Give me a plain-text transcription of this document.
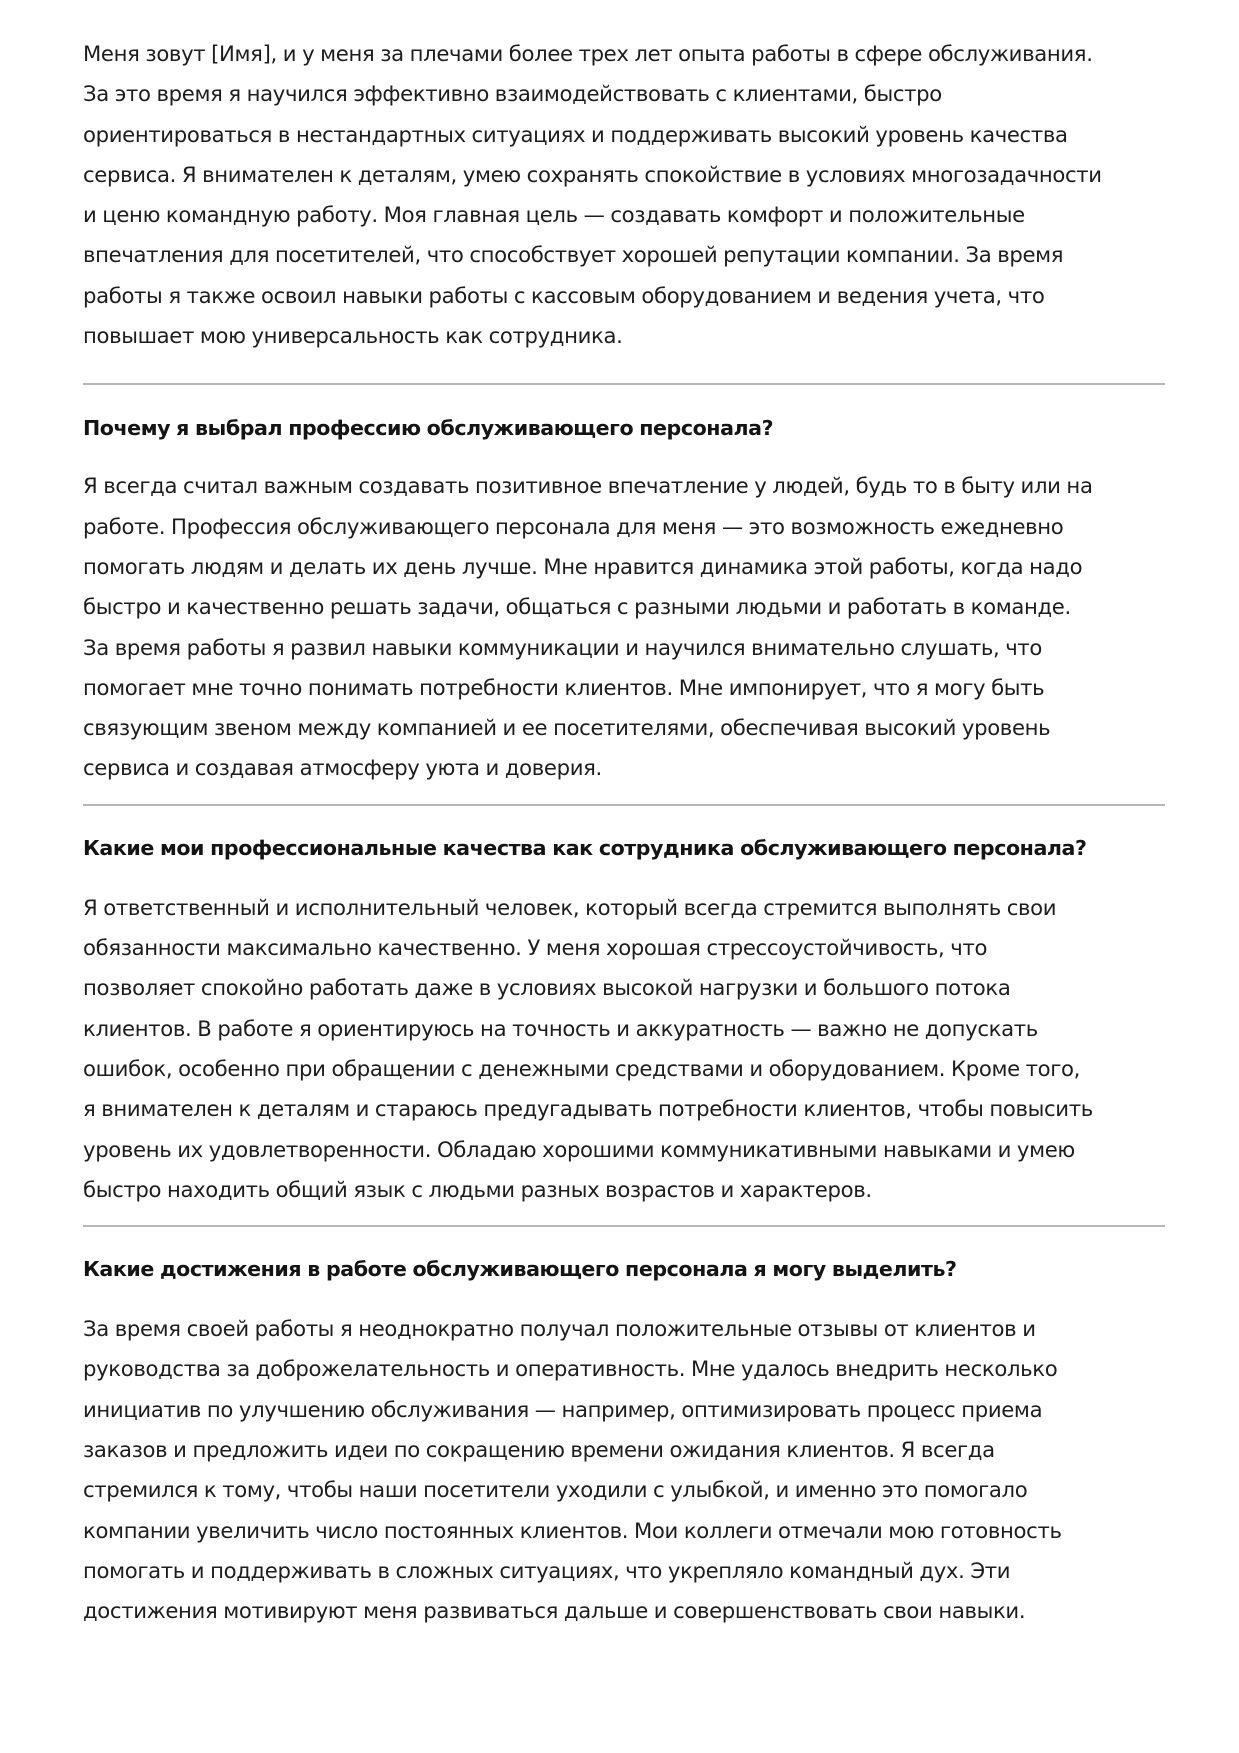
Меня зовут [Имя], и у меня за плечами более трех лет опыта работы в сфере обслуживания.
За это время я научился эффективно взаимодействовать с клиентами, быстро
ориентироваться в нестандартных ситуациях и поддерживать высокий уровень качества
сервиса. Я внимателен к деталям, умею сохранять спокойствие в условиях многозадачности
и ценю командную работу. Моя главная цель — создавать комфорт и положительные
впечатления для посетителей, что способствует хорошей репутации компании. За время
работы я также освоил навыки работы с кассовым оборудованием и ведения учета, что
повышает мою универсальность как сотрудника.

Почему я выбрал профессию обслуживающего персонала?

Я всегда считал важным создавать позитивное впечатление у людей, будь то в быту или на
работе. Профессия обслуживающего персонала для меня — это возможность ежедневно
помогать людям и делать их день лучше. Мне нравится динамика этой работы, когда надо
быстро и качественно решать задачи, общаться с разными людьми и работать в команде.
За время работы я развил навыки коммуникации и научился внимательно слушать, что
помогает мне точно понимать потребности клиентов. Мне импонирует, что я могу быть
связующим звеном между компанией и ее посетителями, обеспечивая высокий уровень
сервиса и создавая атмосферу уюта и доверия.

Какие мои профессиональные качества как сотрудника обслуживающего персонала?

Я ответственный и исполнительный человек, который всегда стремится выполнять свои
обязанности максимально качественно. У меня хорошая стрессоустойчивость, что
позволяет спокойно работать даже в условиях высокой нагрузки и большого потока
клиентов. В работе я ориентируюсь на точность и аккуратность — важно не допускать
ошибок, особенно при обращении с денежными средствами и оборудованием. Кроме того,
я внимателен к деталям и стараюсь предугадывать потребности клиентов, чтобы повысить
уровень их удовлетворенности. Обладаю хорошими коммуникативными навыками и умею
быстро находить общий язык с людьми разных возрастов и характеров.

Какие достижения в работе обслуживающего персонала я могу выделить?

За время своей работы я неоднократно получал положительные отзывы от клиентов и
руководства за доброжелательность и оперативность. Мне удалось внедрить несколько
инициатив по улучшению обслуживания — например, оптимизировать процесс приема
заказов и предложить идеи по сокращению времени ожидания клиентов. Я всегда
стремился к тому, чтобы наши посетители уходили с улыбкой, и именно это помогало
компании увеличить число постоянных клиентов. Мои коллеги отмечали мою готовность
помогать и поддерживать в сложных ситуациях, что укрепляло командный дух. Эти
достижения мотивируют меня развиваться дальше и совершенствовать свои навыки.
